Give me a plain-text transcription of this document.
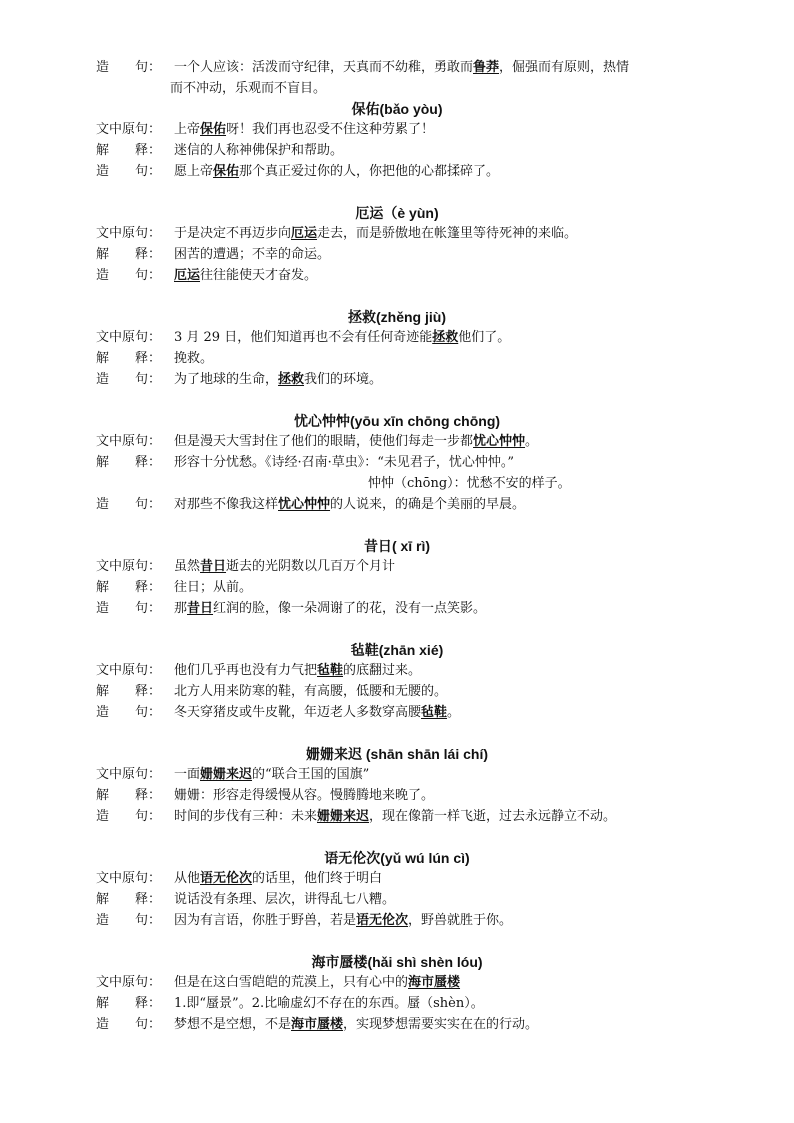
造　　句： 一个人应该：活泼而守纪律，天真而不幼稚，勇敢而鲁莽，倔强而有原则，热情
而不冲动，乐观而不盲目。
保佑(bǎo yòu)
文中原句： 上帝保佑呀！我们再也忍受不住这种劳累了！
解　　释： 迷信的人称神佛保护和帮助。
造　　句： 愿上帝保佑那个真正爱过你的人，你把他的心都揉碎了。
厄运（è yùn)
文中原句： 于是决定不再迈步向厄运走去，而是骄傲地在帐篷里等待死神的来临。
解　　释： 困苦的遭遇；不幸的命运。
造　　句： 厄运往往能使天才奋发。
拯救(zhěng jiù)
文中原句： 3 月 29 日，他们知道再也不会有任何奇迹能拯救他们了。
解　　释： 挽救。
造　　句： 为了地球的生命，拯救我们的环境。
忧心忡忡(yōu xīn chōng chōng)
文中原句： 但是漫天大雪封住了他们的眼睛，使他们每走一步都忧心忡忡。
解　　释： 形容十分忧愁。《诗经·召南·草虫》：“未见君子，忧心忡忡。”
忡忡（chōng）：忧愁不安的样子。
造　　句： 对那些不像我这样忧心忡忡的人说来，的确是个美丽的早晨。
昔日( xī rì)
文中原句： 虽然昔日逝去的光阴数以几百万个月计
解　　释： 往日；从前。
造　　句： 那昔日红润的脸，像一朵凋谢了的花，没有一点笑影。
毡鞋(zhān xié)
文中原句： 他们几乎再也没有力气把毡鞋的底翻过来。
解　　释： 北方人用来防寒的鞋，有高腰，低腰和无腰的。
造　　句： 冬天穿猪皮或牛皮靴，年迈老人多数穿高腰毡鞋。
姗姗来迟 (shān shān lái chí)
文中原句： 一面姗姗来迟的“联合王国的国旗”
解　　释： 姗姗：形容走得缓慢从容。慢腾腾地来晚了。
造　　句： 时间的步伐有三种：未来姗姗来迟，现在像箭一样飞逝，过去永远静立不动。
语无伦次(yǔ wú lún cì)
文中原句： 从他语无伦次的话里，他们终于明白
解　　释： 说话没有条理、层次，讲得乱七八糟。
造　　句： 因为有言语，你胜于野兽，若是语无伦次，野兽就胜于你。
海市蜃楼(hǎi shì shèn lóu)
文中原句： 但是在这白雪皑皑的荒漠上，只有心中的海市蜃楼
解　　释： 1.即“蜃景”。2.比喻虚幻不存在的东西。蜃（shèn）。
造　　句： 梦想不是空想，不是海市蜃楼，实现梦想需要实实在在的行动。
